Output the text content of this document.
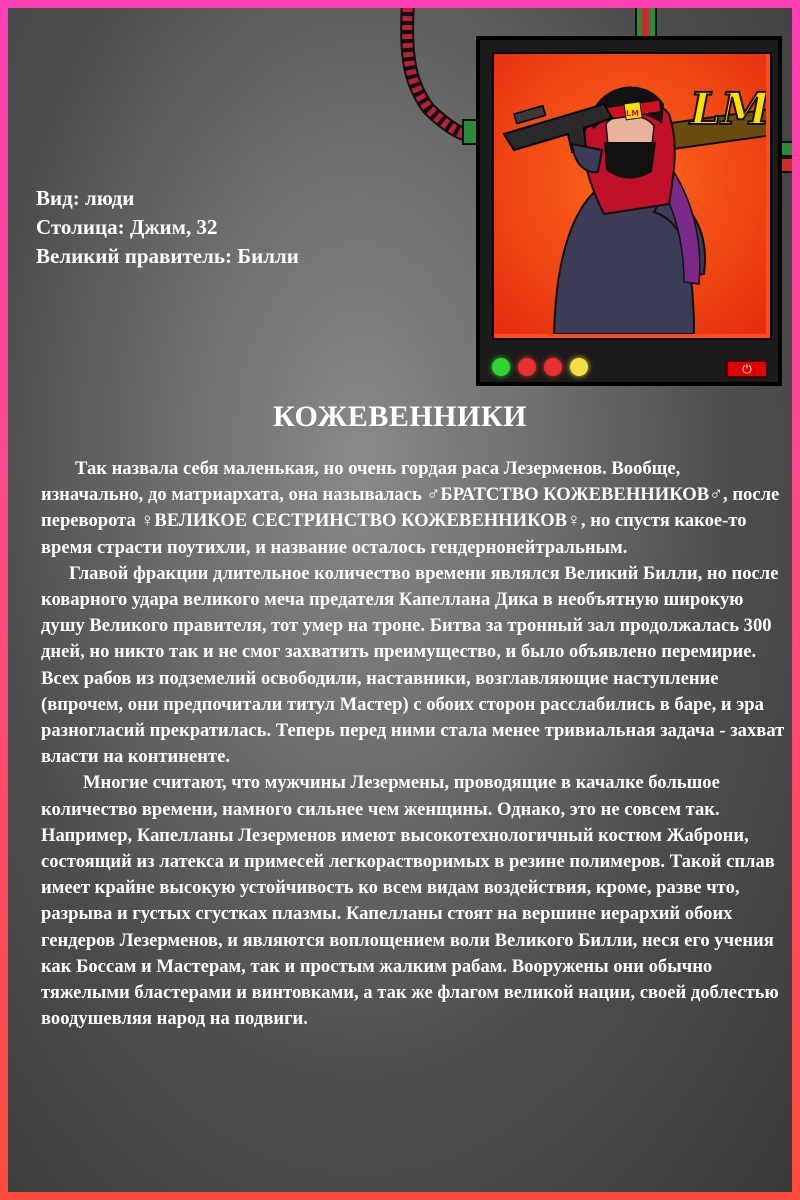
Вид: люди
Столица: Джим, 32
Великий правитель: Билли
LM
LM
⏻
КОЖЕВЕННИКИ

Так назвала себя маленькая, но очень гордая раса Лезерменов. Вообще, изначально, до матриархата, она называлась ♂БРАТСТВО КОЖЕВЕННИКОВ♂, после переворота ♀ВЕЛИКОЕ СЕСТРИНСТВО КОЖЕВЕННИКОВ♀, но спустя какое-то время страсти поутихли, и название осталось гендернонейтральным.

Главой фракции длительное количество времени являлся Великий Билли, но после коварного удара великого меча предателя Капеллана Дика в необъятную широкую душу Великого правителя, тот умер на троне. Битва за тронный зал продолжалась 300 дней, но никто так и не смог захватить преимущество, и было объявлено перемирие. Всех рабов из подземелий освободили, наставники, возглавляющие наступление (впрочем, они предпочитали титул Мастер) с обоих сторон расслабились в баре, и эра разногласий прекратилась. Теперь перед ними стала менее тривиальная задача - захват власти на континенте.

Многие считают, что мужчины Лезермены, проводящие в качалке большое количество времени, намного сильнее чем женщины. Однако, это не совсем так. Например, Капелланы Лезерменов имеют высокотехнологичный костюм Жаброни, состоящий из латекса и примесей легкорастворимых в резине полимеров. Такой сплав имеет крайне высокую устойчивость ко всем видам воздействия, кроме, разве что, разрыва и густых сгустках плазмы. Капелланы стоят на вершине иерархий обоих гендеров Лезерменов, и являются воплощением воли Великого Билли, неся его учения как Боссам и Мастерам, так и простым жалким рабам. Вооружены они обычно тяжелыми бластерами и винтовками, а так же флагом великой нации, своей доблестью воодушевляя народ на подвиги.
